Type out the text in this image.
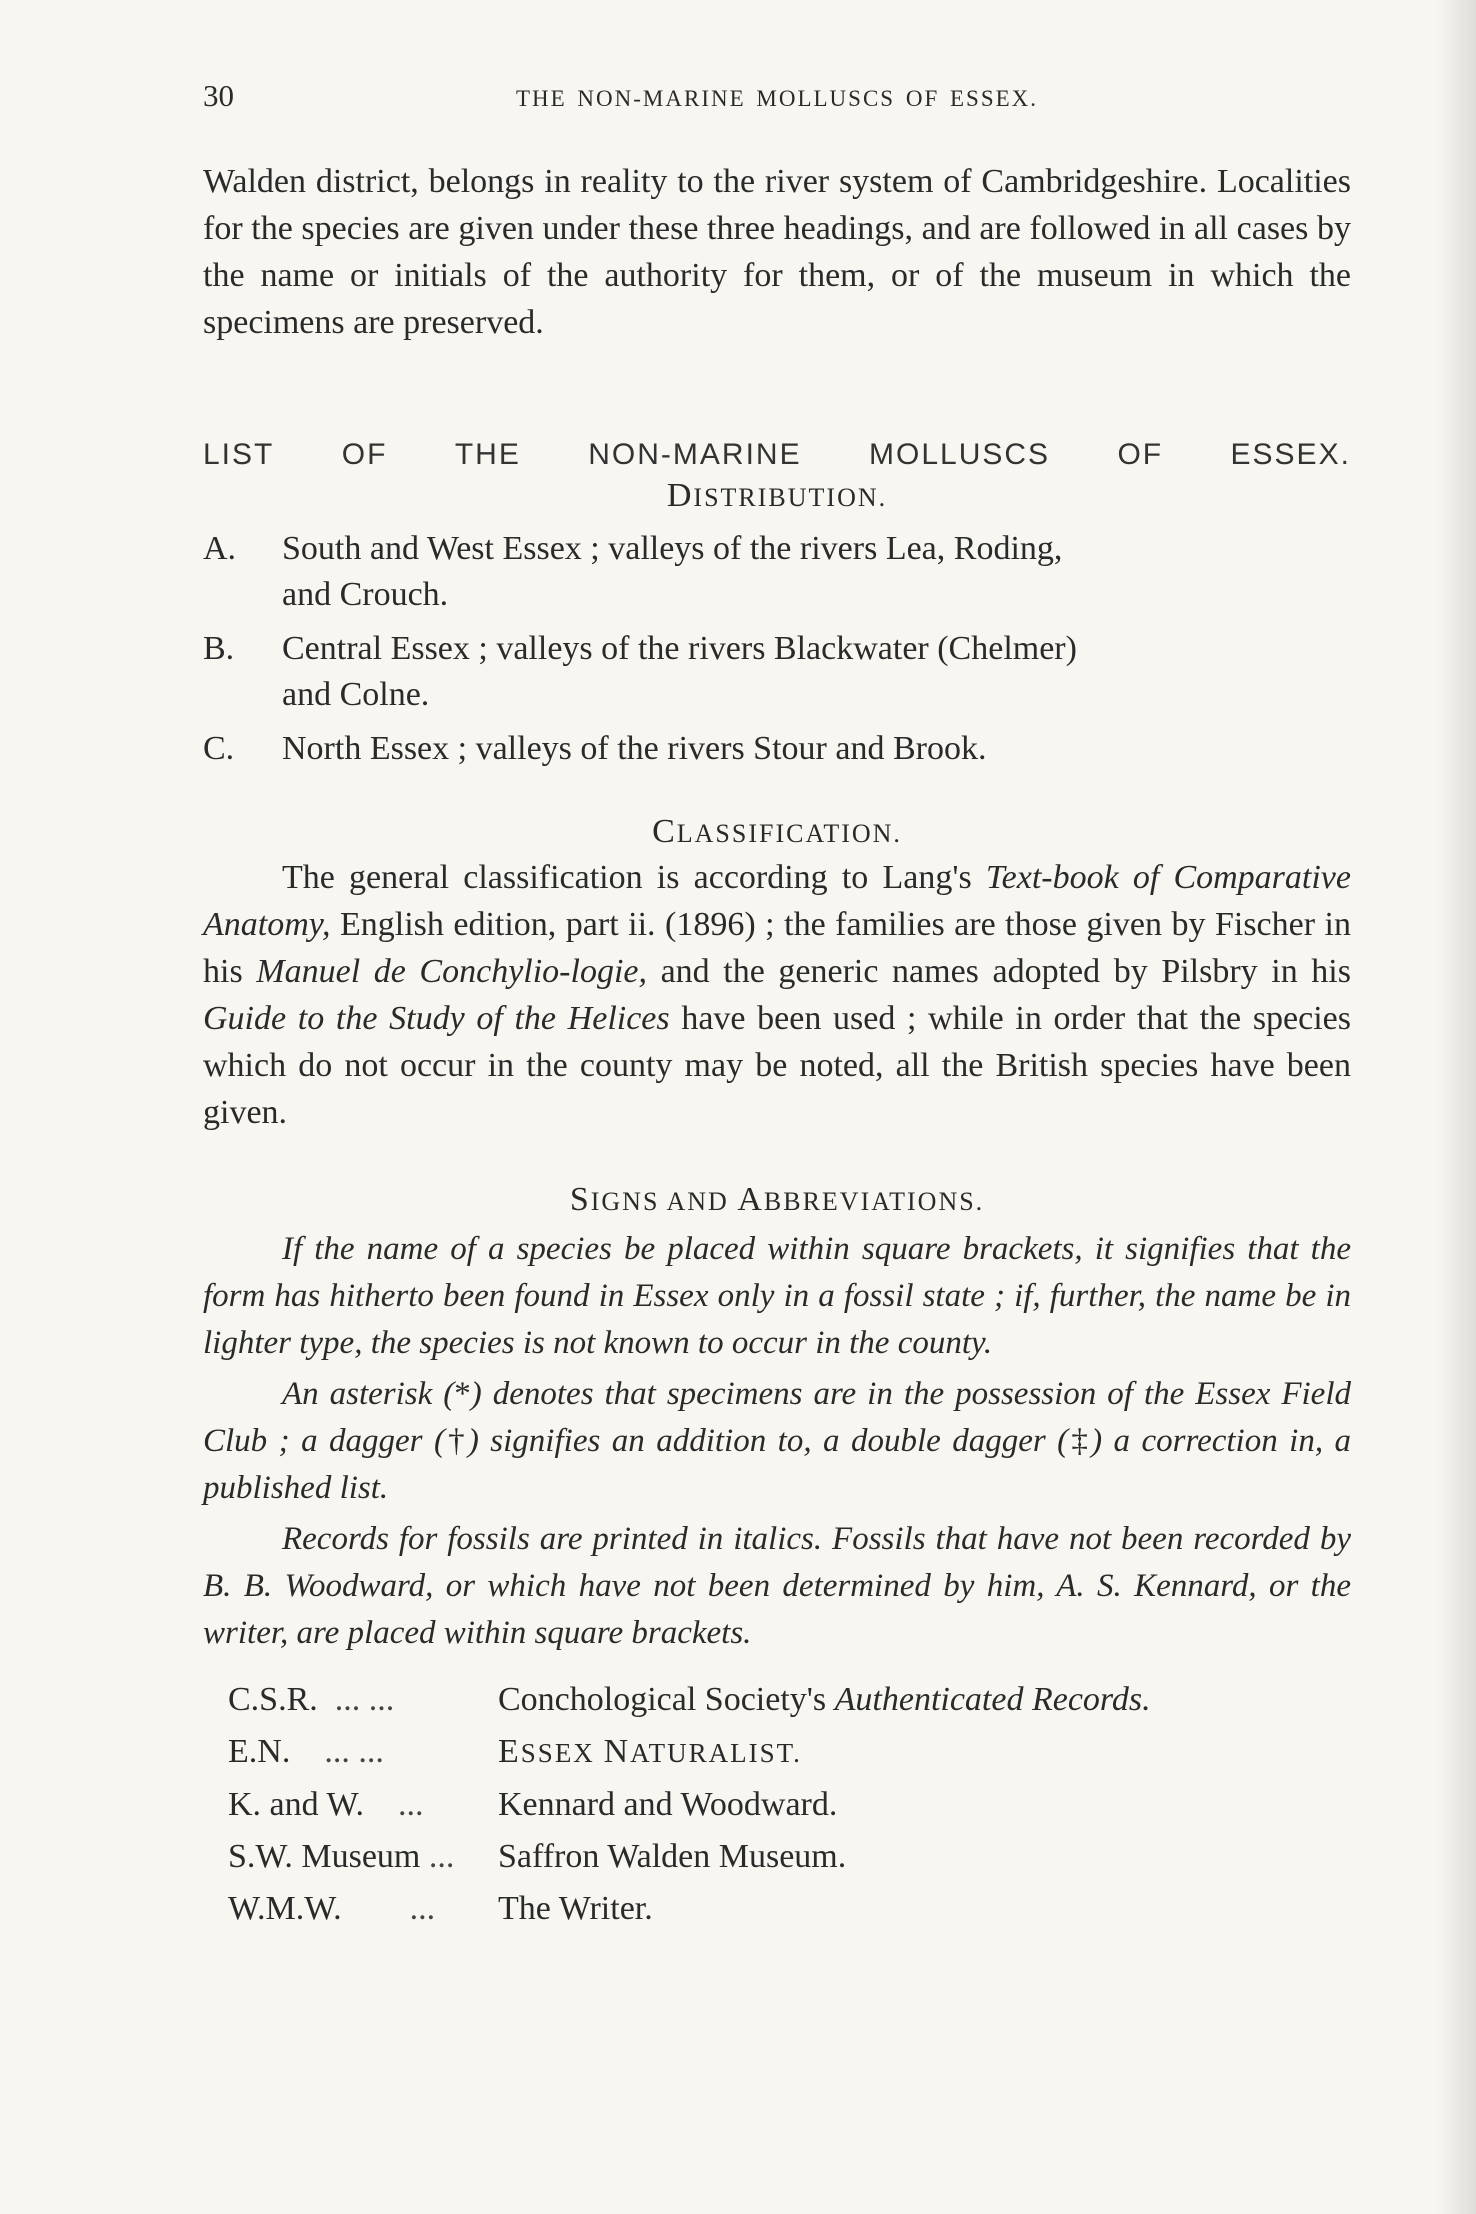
30	THE NON-MARINE MOLLUSCS OF ESSEX.

Walden district, belongs in reality to the river system of Cambridgeshire. Localities for the species are given under these three headings, and are followed in all cases by the name or initials of the authority for them, or of the museum in which the specimens are preserved.

LIST OF THE NON-MARINE MOLLUSCS OF ESSEX.
DISTRIBUTION.
A. South and West Essex ; valleys of the rivers Lea, Roding,
and Crouch.
B. Central Essex ; valleys of the rivers Blackwater (Chelmer)
and Colne.
C. North Essex ; valleys of the rivers Stour and Brook.
CLASSIFICATION.

The general classification is according to Lang's Text-book of Comparative Anatomy, English edition, part ii. (1896) ; the families are those given by Fischer in his Manuel de Conchylio-logie, and the generic names adopted by Pilsbry in his Guide to the Study of the Helices have been used ; while in order that the species which do not occur in the county may be noted, all the British species have been given.

SIGNS AND ABBREVIATIONS.

If the name of a species be placed within square brackets, it signifies that the form has hitherto been found in Essex only in a fossil state ; if, further, the name be in lighter type, the species is not known to occur in the county.

An asterisk (*) denotes that specimens are in the possession of the Essex Field Club ; a dagger (†) signifies an addition to, a double dagger (‡) a correction in, a published list.

Records for fossils are printed in italics. Fossils that have not been recorded by B. B. Woodward, or which have not been determined by him, A. S. Kennard, or the writer, are placed within square brackets.

C.S.R. ... ...	Conchological Society's Authenticated Records.
E.N. ... ...	ESSEX NATURALIST.
K. and W. ...	Kennard and Woodward.
S.W. Museum ...	Saffron Walden Museum.
W.M.W. ...	The Writer.
